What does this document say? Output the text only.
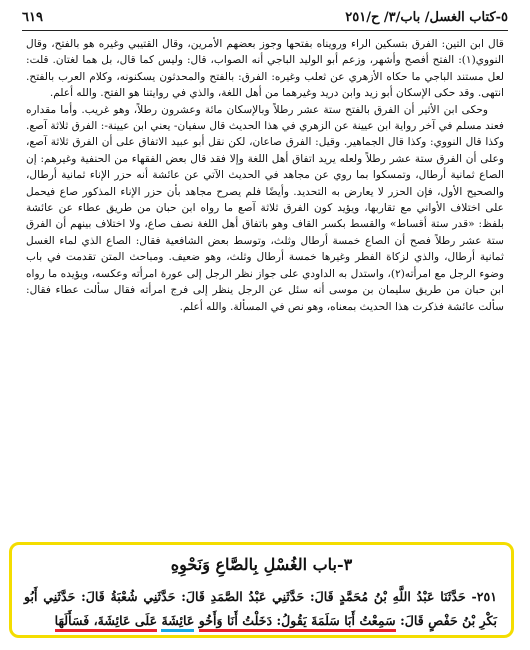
٥-كتاب الغسل/ باب/٣/ ح/٢٥١
٦١٩

قال ابن التين: الفرق بتسكين الراء ورويناه بفتحها وجوز بعضهم الأمرين، وقال القتيبي وغيره هو بالفتح، وقال النووي(١): الفتح أفصح وأشهر، وزعم أبو الوليد الباجي أنه الصواب، قال: وليس كما قال، بل هما لغتان. قلت: لعل مستند الباجي ما حكاه الأزهري عن ثعلب وغيره: الفرق: بالفتح والمحدثون يسكنونه، وكلام العرب بالفتح. انتهى. وقد حكى الإسكان أبو زيد وابن دريد وغيرهما من أهل اللغة، والذي في روايتنا هو الفتح. والله أعلم.

وحكى ابن الأثير أن الفرق بالفتح ستة عشر رطلاً وبالإسكان مائة وعشرون رطلاً، وهو غريب. وأما مقداره فعند مسلم في آخر رواية ابن عيينة عن الزهري في هذا الحديث قال سفيان- يعني ابن عيينة-: الفرق ثلاثة آصع. وكذا قال النووي: وكذا قال الجماهير. وقيل: الفرق صاعان، لكن نقل أبو عبيد الاتفاق على أن الفرق ثلاثة آصع، وعلى أن الفرق ستة عشر رطلاً ولعله يريد اتفاق أهل اللغة وإلا فقد قال بعض الفقهاء من الحنفية وغيرهم: إن الصاع ثمانية أرطال، وتمسكوا بما روي عن مجاهد في الحديث الآتي عن عائشة أنه حزر الإناء ثمانية أرطال، والصحيح الأول، فإن الحزر لا يعارض به التحديد. وأيضًا فلم يصرح مجاهد بأن حزر الإناء المذكور صاع فيحمل على اختلاف الأواني مع تقاربها، ويؤيد كون الفرق ثلاثة آصع ما رواه ابن حبان من طريق عطاء عن عائشة بلفظ: «قدر ستة أقساط» والقسط بكسر القاف وهو باتفاق أهل اللغة نصف صاع، ولا اختلاف بينهم أن الفرق ستة عشر رطلاً فصح أن الصاع خمسة أرطال وثلث، وتوسط بعض الشافعية فقال: الصاع الذي لماء الغسل ثمانية أرطال، والذي لزكاة الفطر وغيرها خمسة أرطال وثلث، وهو ضعيف. ومباحث المتن تقدمت في باب وضوء الرجل مع امرأته(٢)، واستدل به الداودي على جواز نظر الرجل إلى عورة امرأته وعكسه، ويؤيده ما رواه ابن حبان من طريق سليمان بن موسى أنه سئل عن الرجل ينظر إلى فرج امرأته فقال سألت عطاء فقال: سألت عائشة فذكرت هذا الحديث بمعناه، وهو نص في المسألة. والله أعلم.

٣-باب الغُسْلِ بِالصَّاعِ وَنَحْوِهِ

٢٥١- حَدَّثَنَا عَبْدُ اللَّهِ بْنُ مُحَمَّدٍ قَالَ: حَدَّثَنِي عَبْدُ الصَّمَدِ قَالَ: حَدَّثَنِي شُعْبَةُ قَالَ: حَدَّثَنِي أَبُو بَكْرِ بْنُ حَفْصٍ قَالَ: سَمِعْتُ أَبَا سَلَمَةَ يَقُولُ: دَخَلْتُ أَنَا وَأَخُو عَائِشَةَ عَلَى عَائِشَةَ، فَسَأَلَهَا
